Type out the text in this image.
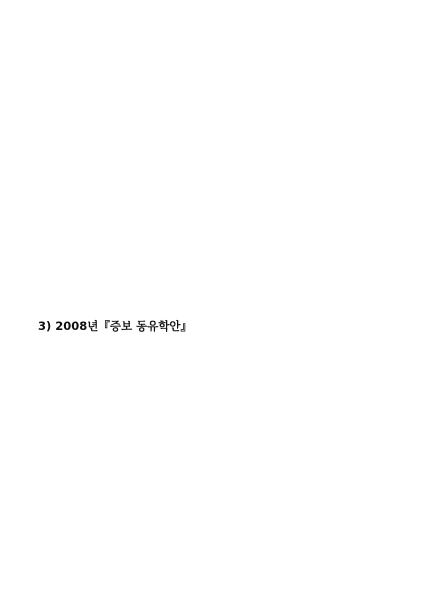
3) 2008년『증보 동유학안』
